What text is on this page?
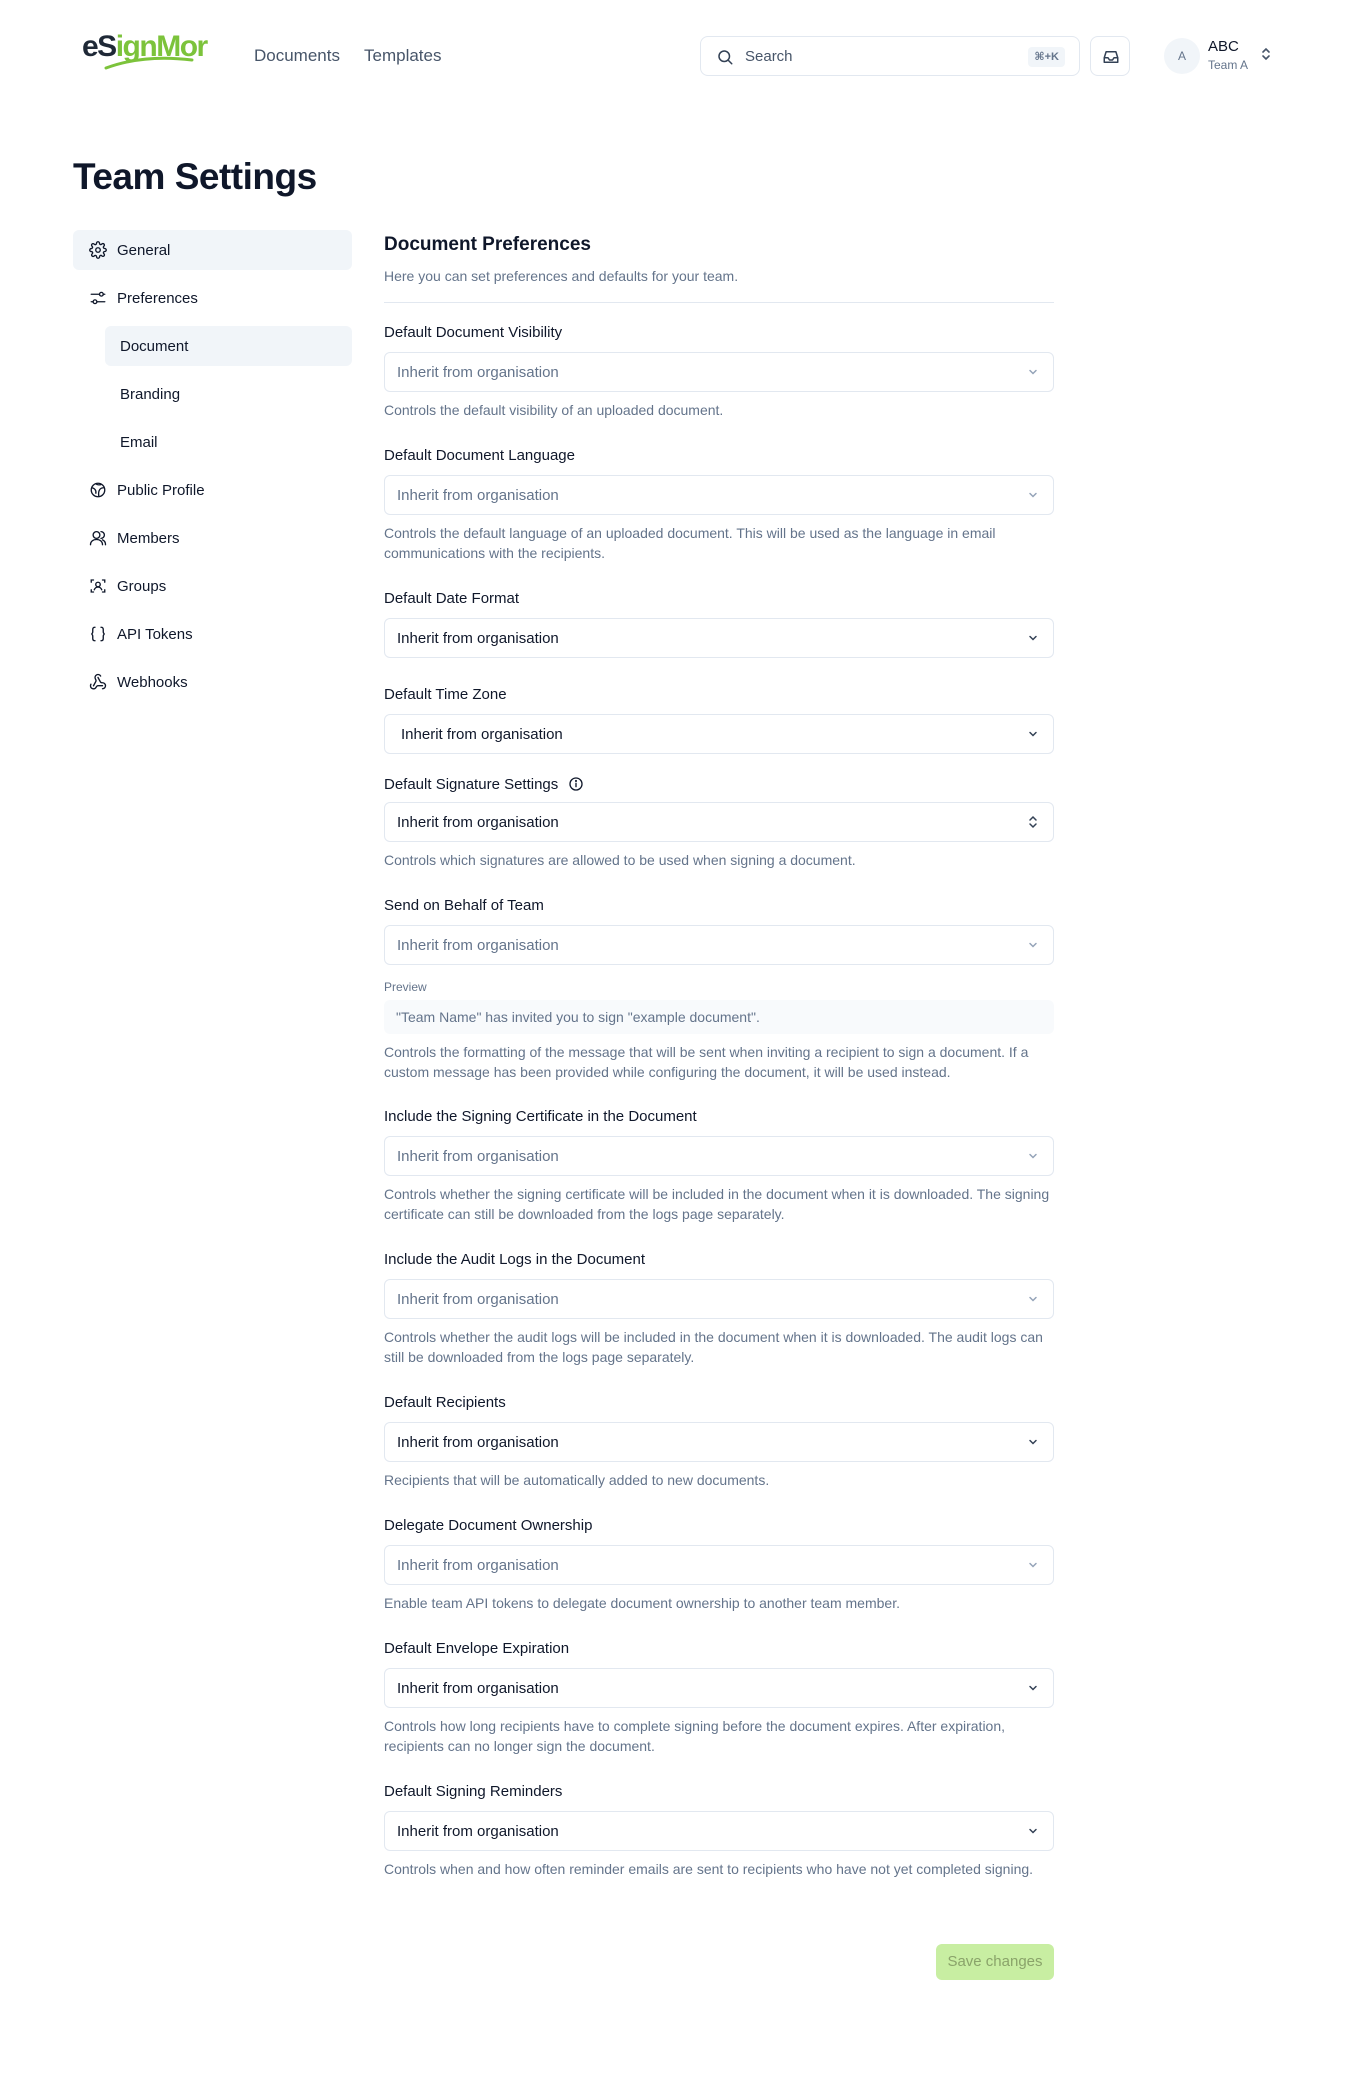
eSignMor	Documents Templates	Search	⌘+K	A
ABC
Team A
Team Settings
General
Preferences
Document
Branding
Email
Public Profile
Members
Groups
API Tokens
Webhooks
Document Preferences

Here you can set preferences and defaults for your team.

Default Document Visibility
Inherit from organisation

Controls the default visibility of an uploaded document.

Default Document Language
Inherit from organisation

Controls the default language of an uploaded document. This will be used as the language in email communications with the recipients.

Default Date Format
Inherit from organisation
Default Time Zone
Inherit from organisation
Default Signature Settings
Inherit from organisation

Controls which signatures are allowed to be used when signing a document.

Send on Behalf of Team
Inherit from organisation
Preview
"Team Name" has invited you to sign "example document".

Controls the formatting of the message that will be sent when inviting a recipient to sign a document. If a custom message has been provided while configuring the document, it will be used instead.

Include the Signing Certificate in the Document
Inherit from organisation

Controls whether the signing certificate will be included in the document when it is downloaded. The signing certificate can still be downloaded from the logs page separately.

Include the Audit Logs in the Document
Inherit from organisation

Controls whether the audit logs will be included in the document when it is downloaded. The audit logs can still be downloaded from the logs page separately.

Default Recipients
Inherit from organisation

Recipients that will be automatically added to new documents.

Delegate Document Ownership
Inherit from organisation

Enable team API tokens to delegate document ownership to another team member.

Default Envelope Expiration
Inherit from organisation

Controls how long recipients have to complete signing before the document expires. After expiration, recipients can no longer sign the document.

Default Signing Reminders
Inherit from organisation

Controls when and how often reminder emails are sent to recipients who have not yet completed signing.

Save changes
